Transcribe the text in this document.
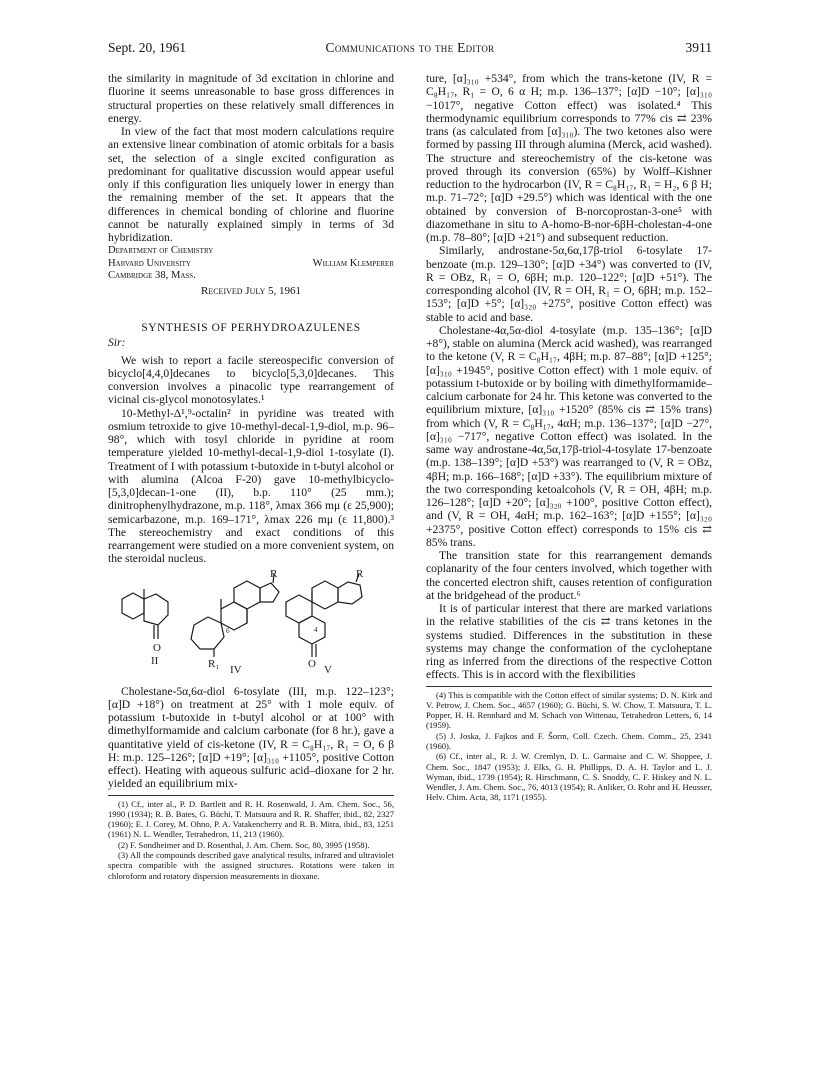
Sept. 20, 1961	Communications to the Editor	3911

the similarity in magnitude of 3d excitation in chlorine and fluorine it seems unreasonable to base gross differences in structural properties on these relatively small differences in energy.

In view of the fact that most modern calculations require an extensive linear combination of atomic orbitals for a basis set, the selection of a single excited configuration as predominant for qualitative discussion would appear useful only if this configuration lies uniquely lower in energy than the remaining member of the set. It appears that the differences in chemical bonding of chlorine and fluorine cannot be naturally explained simply in terms of 3d hybridization.

Department of Chemistry
Harvard University
Cambridge 38, Mass.
William Klemperer
Received July 5, 1961
SYNTHESIS OF PERHYDROAZULENES
Sir:

We wish to report a facile stereospecific conversion of bicyclo[4,4,0]decanes to bicyclo[5,3,0]decanes. This conversion involves a pinacolic type rearrangement of vicinal cis-glycol monotosylates.¹

10-Methyl-Δ¹,⁹-octalin² in pyridine was treated with osmium tetroxide to give 10-methyl-decal-1,9-diol, m.p. 96–98°, which with tosyl chloride in pyridine at room temperature yielded 10-methyl-decal-1,9-diol 1-tosylate (I). Treatment of I with potassium t-butoxide in t-butyl alcohol or with alumina (Alcoa F-20) gave 10-methylbicyclo-[5,3,0]decan-1-one (II), b.p. 110° (25 mm.); dinitrophenylhydrazone, m.p. 118°, λmax 366 mμ (ε 25,900); semicarbazone, m.p. 169–171°, λmax 226 mμ (ε 11,800).³ The stereochemistry and exact conditions of this rearrangement were studied on a more convenient system, on the steroidal nucleus.

O
II
6
R
R₁ IV
4
R
O V

Cholestane-5α,6α-diol 6-tosylate (III, m.p. 122–123°; [α]D +18°) on treatment at 25° with 1 mole equiv. of potassium t-butoxide in t-butyl alcohol or at 100° with dimethylformamide and calcium carbonate (for 8 hr.), gave a quantitative yield of cis-ketone (IV, R = C₈H₁₇, R₁ = O, 6 β H: m.p. 125–126°; [α]D +19°; [α]₃₁₀ +1105°, positive Cotton effect). Heating with aqueous sulfuric acid–dioxane for 2 hr. yielded an equilibrium mix-

(1) Cf., inter al., P. D. Bartlett and R. H. Rosenwald, J. Am. Chem. Soc., 56, 1990 (1934); R. B. Bates, G. Büchi, T. Matsuura and R. R. Shaffer, ibid., 82, 2327 (1960); E. J. Corey, M. Ohno, P. A. Vatakencherry and R. B. Mitra, ibid., 83, 1251 (1961) N. L. Wendler, Tetrahedron, 11, 213 (1960).

(2) F. Sondheimer and D. Rosenthal, J. Am. Chem. Soc, 80, 3995 (1958).

(3) All the compounds described gave analytical results, infrared and ultraviolet spectra compatible with the assigned structures. Rotations were taken in chloroform and rotatory dispersion measurements in dioxane.

ture, [α]₃₁₀ +534°, from which the trans-ketone (IV, R = C₈H₁₇, R₁ = O, 6 α H; m.p. 136–137°; [α]D −10°; [α]₃₁₀ −1017°, negative Cotton effect) was isolated.⁴ This thermodynamic equilibrium corresponds to 77% cis ⇄ 23% trans (as calculated from [α]₃₁₀). The two ketones also were formed by passing III through alumina (Merck, acid washed). The structure and stereochemistry of the cis-ketone was proved through its conversion (65%) by Wolff–Kishner reduction to the hydrocarbon (IV, R = C₈H₁₇, R₁ = H₂, 6 β H; m.p. 71–72°; [α]D +29.5°) which was identical with the one obtained by conversion of B-norcoprostan-3-one⁵ with diazomethane in situ to A-homo-B-nor-6βH-cholestan-4-one (m.p. 78–80°; [α]D +21°) and subsequent reduction.

Similarly, androstane-5α,6α,17β-triol 6-tosylate 17-benzoate (m.p. 129–130°; [α]D +34°) was converted to (IV, R = OBz, R₁ = O, 6βH; m.p. 120–122°; [α]D +51°). The corresponding alcohol (IV, R = OH, R₁ = O, 6βH; m.p. 152–153°; [α]D +5°; [α]₃₂₀ +275°, positive Cotton effect) was stable to acid and base.

Cholestane-4α,5α-diol 4-tosylate (m.p. 135–136°; [α]D +8°), stable on alumina (Merck acid washed), was rearranged to the ketone (V, R = C₈H₁₇, 4βH; m.p. 87–88°; [α]D +125°; [α]₃₁₀ +1945°, positive Cotton effect) with 1 mole equiv. of potassium t-butoxide or by boiling with dimethylformamide–calcium carbonate for 24 hr. This ketone was converted to the equilibrium mixture, [α]₃₁₀ +1520° (85% cis ⇄ 15% trans) from which (V, R = C₈H₁₇, 4αH; m.p. 136–137°; [α]D −27°, [α]₃₁₀ −717°, negative Cotton effect) was isolated. In the same way androstane-4α,5α,17β-triol-4-tosylate 17-benzoate (m.p. 138–139°; [α]D +53°) was rearranged to (V, R = OBz, 4βH; m.p. 166–168°; [α]D +33°). The equilibrium mixture of the two corresponding ketoalcohols (V, R = OH, 4βH; m.p. 126–128°; [α]D +20°; [α]₃₂₀ +100°, positive Cotton effect), and (V, R = OH, 4αH; m.p. 162–163°; [α]D +155°; [α]₃₂₀ +2375°, positive Cotton effect) corresponds to 15% cis ⇄ 85% trans.

The transition state for this rearrangement demands coplanarity of the four centers involved, which together with the concerted electron shift, causes retention of configuration at the bridgehead of the product.⁶

It is of particular interest that there are marked variations in the relative stabilities of the cis ⇄ trans ketones in the systems studied. Differences in the substitution in these systems may change the conformation of the cycloheptane ring as inferred from the directions of the respective Cotton effects. This is in accord with the flexibilities

(4) This is compatible with the Cotton effect of similar systems; D. N. Kirk and V. Petrow, J. Chem. Soc., 4657 (1960); G. Büchi, S. W. Chow, T. Matsuura, T. L. Popper, H. H. Rennhard and M. Schach von Wittenau, Tetrahedron Letters, 6, 14 (1959).

(5) J. Joska, J. Fajkos and F. Šorm, Coll. Czech. Chem. Comm., 25, 2341 (1960).

(6) Cf., inter al., R. J. W. Cremlyn, D. L. Garmaise and C. W. Shoppee, J. Chem. Soc., 1847 (1953); J. Elks, G. H. Phillipps, D. A. H. Taylor and L. J. Wyman, ibid., 1739 (1954); R. Hirschmann, C. S. Snoddy, C. F. Hiskey and N. L. Wendler, J. Am. Chem. Soc., 76, 4013 (1954); R. Anliker, O. Rohr and H. Heusser, Helv. Chim. Acta, 38, 1171 (1955).
